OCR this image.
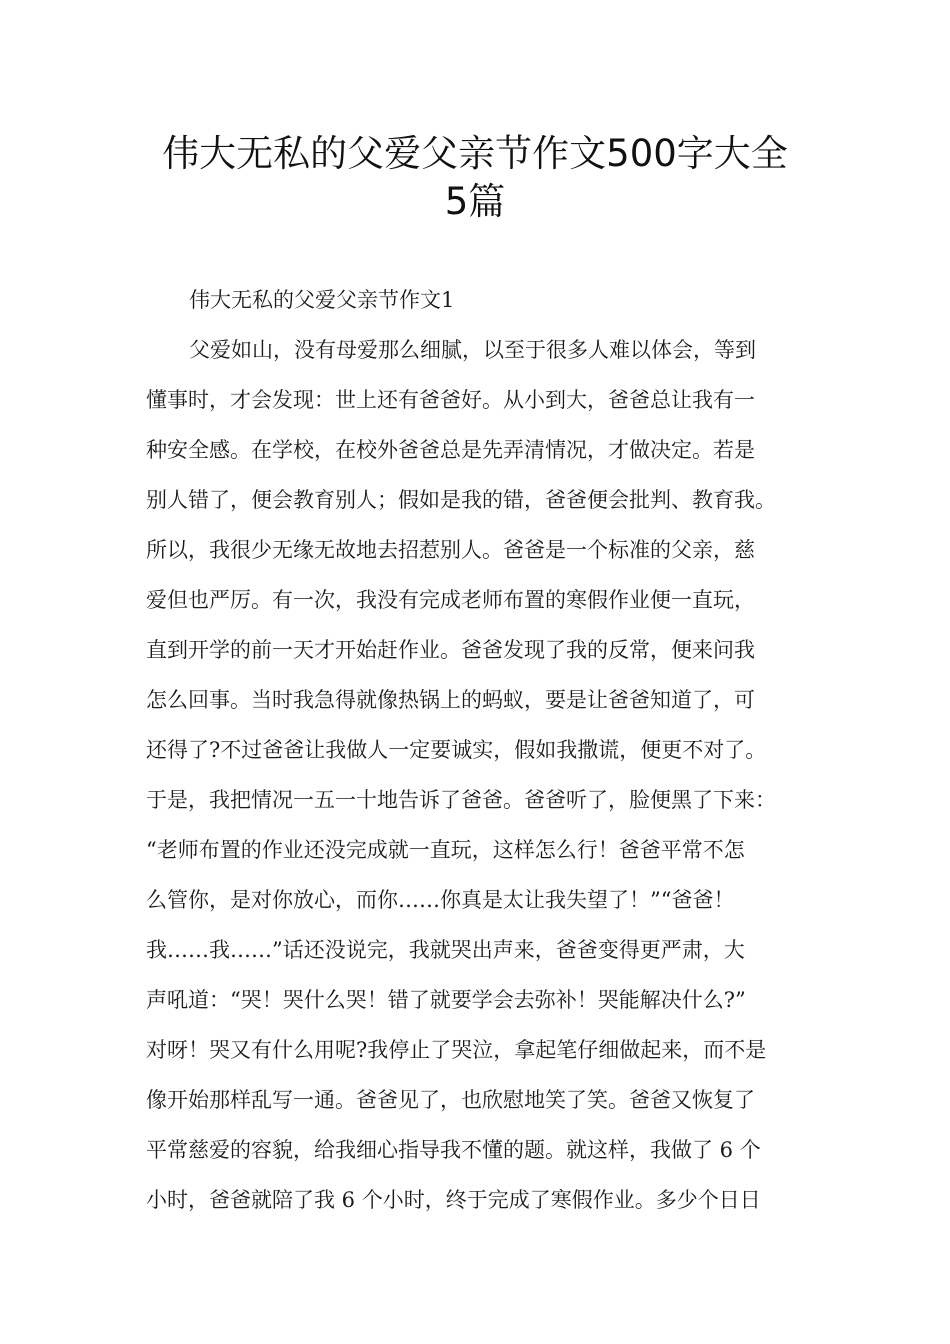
伟大无私的父爱父亲节作文500字大全
5篇
伟大无私的父爱父亲节作文1
父爱如山，没有母爱那么细腻，以至于很多人难以体会，等到
懂事时，才会发现：世上还有爸爸好。从小到大，爸爸总让我有一
种安全感。在学校，在校外爸爸总是先弄清情况，才做决定。若是
别人错了，便会教育别人；假如是我的错，爸爸便会批判、教育我。
所以，我很少无缘无故地去招惹别人。爸爸是一个标准的父亲，慈
爱但也严厉。有一次，我没有完成老师布置的寒假作业便一直玩，
直到开学的前一天才开始赶作业。爸爸发现了我的反常，便来问我
怎么回事。当时我急得就像热锅上的蚂蚁，要是让爸爸知道了，可
还得了?不过爸爸让我做人一定要诚实，假如我撒谎，便更不对了。
于是，我把情况一五一十地告诉了爸爸。爸爸听了，脸便黑了下来：
“老师布置的作业还没完成就一直玩，这样怎么行！爸爸平常不怎
么管你，是对你放心，而你……你真是太让我失望了！”“爸爸！
我……我……”话还没说完，我就哭出声来，爸爸变得更严肃，大
声吼道：“哭！哭什么哭！错了就要学会去弥补！哭能解决什么?”
对呀！哭又有什么用呢?我停止了哭泣，拿起笔仔细做起来，而不是
像开始那样乱写一通。爸爸见了，也欣慰地笑了笑。爸爸又恢复了
平常慈爱的容貌，给我细心指导我不懂的题。就这样，我做了 6 个
小时，爸爸就陪了我 6 个小时，终于完成了寒假作业。多少个日日
